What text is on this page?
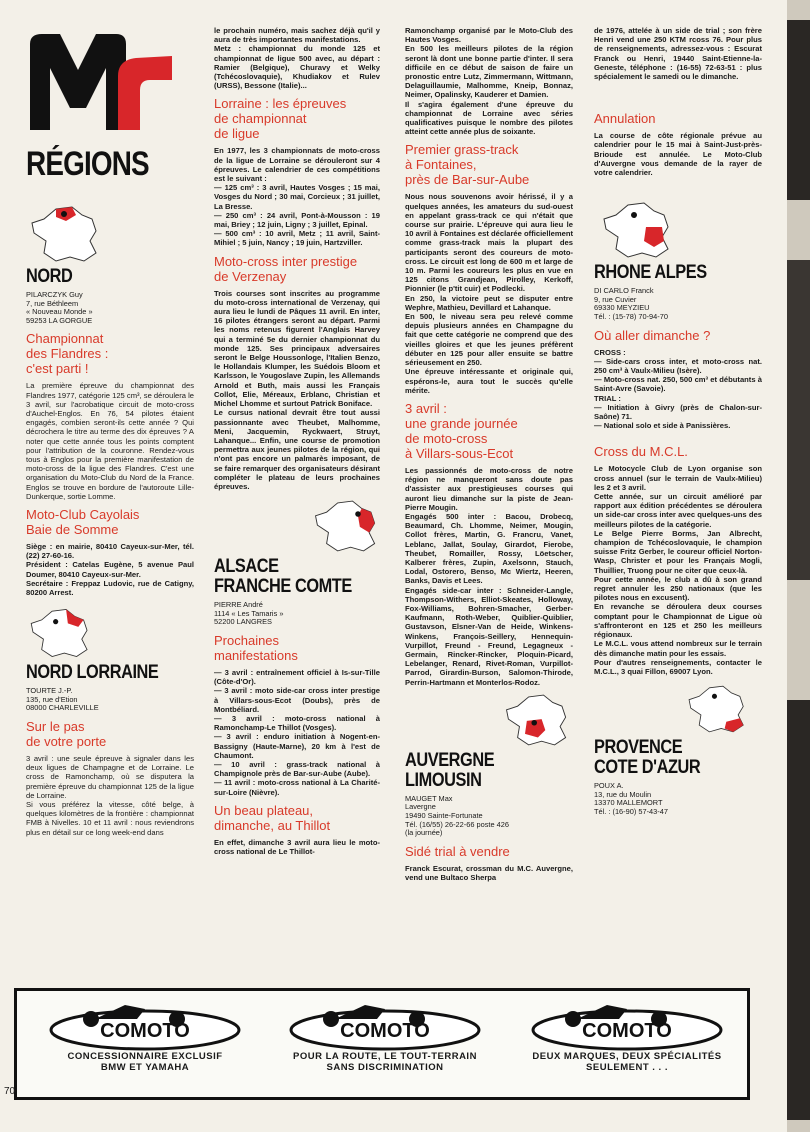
RÉGIONS
NORD
PILARCZYK Guy
7, rue Béthleem
« Nouveau Monde »
59253 LA GORGUE
Championnat
des Flandres :
c'est parti !

La première épreuve du championnat des Flandres 1977, catégorie 125 cm³, se déroulera le 3 avril, sur l'acrobatique circuit de moto-cross d'Auchel-Englos. En 76, 54 pilotes étaient engagés, combien seront-ils cette année ? Qui décrochera le titre au terme des dix épreuves ? A noter que cette année tous les points comptent pour l'attribution de la couronne. Rendez-vous tous à Englos pour la première manifestation de moto-cross de la ligue des Flandres. C'est une organisation du Moto-Club du Nord de la France. Englos se trouve en bordure de l'autoroute Lille-Dunkerque, sortie Lomme.

Moto-Club Cayolais
Baie de Somme

Siège : en mairie, 80410 Cayeux-sur-Mer, tél. (22) 27-60-16.
Président : Catelas Eugène, 5 avenue Paul Doumer, 80410 Cayeux-sur-Mer.
Secrétaire : Freppaz Ludovic, rue de Catigny, 80200 Arrest.

NORD LORRAINE
TOURTE J.-P.
135, rue d'Etion
08000 CHARLEVILLE
Sur le pas
de votre porte

3 avril : une seule épreuve à signaler dans les deux ligues de Champagne et de Lorraine. Le cross de Ramonchamp, où se disputera la première épreuve du championnat 125 de la ligue de Lorraine.
Si vous préférez la vitesse, côté belge, à quelques kilomètres de la frontière : championnat FMB à Nivelles. 10 et 11 avril : nous reviendrons plus en détail sur ce long week-end dans

le prochain numéro, mais sachez déjà qu'il y aura de très importantes manifestations.
Metz : championnat du monde 125 et championnat de ligue 500 avec, au départ : Ramier (Belgique), Churavy et Welky (Tchécoslovaquie), Khudiakov et Rulev (URSS), Bessone (Italie)...

Lorraine : les épreuves
de championnat
de ligue

En 1977, les 3 championnats de moto-cross de la ligue de Lorraine se dérouleront sur 4 épreuves. Le calendrier de ces compétitions est le suivant :
— 125 cm³ : 3 avril, Hautes Vosges ; 15 mai, Vosges du Nord ; 30 mai, Corcieux ; 31 juillet, La Bresse.
— 250 cm³ : 24 avril, Pont-à-Mousson : 19 mai, Briey ; 12 juin, Ligny ; 3 juillet, Epinal.
— 500 cm³ : 10 avril, Metz ; 11 avril, Saint-Mihiel ; 5 juin, Nancy ; 19 juin, Hartzviller.

Moto-cross inter prestige
de Verzenay

Trois courses sont inscrites au programme du moto-cross international de Verzenay, qui aura lieu le lundi de Pâques 11 avril. En inter, 16 pilotes étrangers seront au départ. Parmi les noms retenus figurent l'Anglais Harvey qui a terminé 5e du dernier championnat du monde 125. Ses principaux adversaires seront le Belge Houssonloge, l'Italien Benzo, le Hollandais Klumper, les Suédois Bloom et Karlsson, le Yougoslave Zupin, les Allemands Arnold et Buth, mais aussi les Français Collot, Elie, Méreaux, Erblanc, Christian et Michel Lhomme et surtout Patrick Boniface.
Le cursus national devrait être tout aussi passionnante avec Theubet, Malhomme, Meni, Jacquemin, Ryckwaert, Struyt, Lahanque... Enfin, une course de promotion permettra aux jeunes pilotes de la région, qui n'ont pas encore un palmarès imposant, de se faire remarquer des organisateurs désirant compléter le plateau de leurs prochaines épreuves.

ALSACE
FRANCHE COMTE
PIERRE André
1114 « Les Tamaris »
52200 LANGRES
Prochaines
manifestations

— 3 avril : entraînement officiel à Is-sur-Tille (Côte-d'Or).
— 3 avril : moto side-car cross inter prestige à Villars-sous-Ecot (Doubs), près de Montbéliard.
— 3 avril : moto-cross national à Ramonchamp-Le Thillot (Vosges).
— 3 avril : enduro initiation à Nogent-en-Bassigny (Haute-Marne), 20 km à l'est de Chaumont.
— 10 avril : grass-track national à Champignole près de Bar-sur-Aube (Aube).
— 11 avril : moto-cross national à La Charité-sur-Loire (Nièvre).

Un beau plateau,
dimanche, au Thillot

En effet, dimanche 3 avril aura lieu le moto-cross national de Le Thillot-

Ramonchamp organisé par le Moto-Club des Hautes Vosges.
En 500 les meilleurs pilotes de la région seront là dont une bonne partie d'inter. Il sera difficile en ce début de saison de faire un pronostic entre Lutz, Zimmermann, Wittmann, Delaguillaumie, Malhomme, Kneip, Bonnaz, Neimer, Opalinsky, Kauderer et Damien.
Il s'agira également d'une épreuve du championnat de Lorraine avec séries qualificatives puisque le nombre des pilotes atteint cette année plus de soixante.

Premier grass-track
à Fontaines,
près de Bar-sur-Aube

Nous nous souvenons avoir hérissé, il y a quelques années, les amateurs du sud-ouest en appelant grass-track ce qui n'était que course sur prairie. L'épreuve qui aura lieu le 10 avril à Fontaines est déclarée officiellement comme grass-track mais la plupart des participants seront des coureurs de moto-cross. Le circuit est long de 600 m et large de 10 m. Parmi les coureurs les plus en vue en 125 citons Grandjean, Pirolley, Kerkoff, Pionnier (le p'tit cuir) et Podlecki.
En 250, la victoire peut se disputer entre Wephre, Mathieu, Devillard et Lahanque.
En 500, le niveau sera peu relevé comme depuis plusieurs années en Champagne du fait que cette catégorie ne comprend que des vieilles gloires et que les jeunes préfèrent débuter en 125 pour aller ensuite se battre sérieusement en 250.
Une épreuve intéressante et originale qui, espérons-le, aura tout le succès qu'elle mérite.

3 avril :
une grande journée
de moto-cross
à Villars-sous-Ecot

Les passionnés de moto-cross de notre région ne manqueront sans doute pas d'assister aux prestigieuses courses qui auront lieu dimanche sur la piste de Jean-Pierre Mougin.
Engagés 500 inter : Bacou, Drobecq, Beaumard, Ch. Lhomme, Neimer, Mougin, Collot frères, Martin, G. Francru, Vanet, Leblanc, Jallat, Soulay, Girardot, Fierobe, Theubet, Romailler, Rossy, Löetscher, Kalberer frères, Zupin, Axelsonn, Stauch, Lodal, Ostorero, Benso, Mc Wiertz, Heeren, Banks, Davis et Lees.
Engagés side-car inter : Schneider-Langle, Thompson-Withers, Elliot-Skeates, Holloway, Fox-Williams, Bohren-Smacher, Gerber-Kaufmann, Roth-Weber, Quiblier-Quiblier, Gustavson, Elsner-Van de Heide, Winkens-Winkens, François-Seillery, Hennequin-Vurpillot, Freund - Freund, Legagneux - Germain, Rincker-Rincker, Ploquin-Picard, Lebelanger, Renard, Rivet-Roman, Vurpillot-Parrod, Girardin-Burson, Salomon-Thirode, Perrin-Hartmann et Monterlos-Rodoz.

AUVERGNE
LIMOUSIN
MAUGET Max
Lavergne
19490 Sainte-Fortunate
Tél. (16/55) 26-22-66 poste 426
(la journée)
Sidé trial à vendre

Franck Escurat, crossman du M.C. Auvergne, vend une Bultaco Sherpa

de 1976, attelée à un side de trial ; son frère Henri vend une 250 KTM rcoss 76. Pour plus de renseignements, adressez-vous : Escurat Franck ou Henri, 19440 Saint-Etienne-la-Geneste, téléphone : (16-55) 72-63-51 : plus spécialement le samedi ou le dimanche.

Annulation

La course de côte régionale prévue au calendrier pour le 15 mai à Saint-Just-près-Brioude est annulée. Le Moto-Club d'Auvergne vous demande de la rayer de votre calendrier.

RHONE ALPES
DI CARLO Franck
9, rue Cuvier
69330 MEYZIEU
Tél. : (15-78) 70-94-70
Où aller dimanche ?

CROSS :
— Side-cars cross inter, et moto-cross nat. 250 cm³ à Vaulx-Milieu (Isère).
— Moto-cross nat. 250, 500 cm³ et débutants à Saint-Avre (Savoie).
TRIAL :
— Initiation à Givry (près de Chalon-sur-Saône) 71.
— National solo et side à Panissières.

Cross du M.C.L.

Le Motocycle Club de Lyon organise son cross annuel (sur le terrain de Vaulx-Milieu) les 2 et 3 avril.
Cette année, sur un circuit amélioré par rapport aux édition précédentes se déroulera un side-car cross inter avec quelques-uns des meilleurs pilotes de la catégorie.
Le Belge Pierre Borms, Jan Albrecht, champion de Tchécoslovaquie, le champion suisse Fritz Gerber, le coureur officiel Norton-Wasp, Christer et pour les Français Mogli, Thuillier, Truong pour ne citer que ceux-là.
Pour cette année, le club a dû à son grand regret annuler les 250 nationaux (que les pilotes nous en excusent).
En revanche se déroulera deux courses comptant pour le Championnat de Ligue où s'affronteront en 125 et 250 les meilleurs régionaux.
Le M.C.L. vous attend nombreux sur le terrain dès dimanche matin pour les essais.
Pour d'autres renseignements, contacter le M.C.L., 3 quai Fillon, 69007 Lyon.

PROVENCE
COTE D'AZUR
POUX A.
13, rue du Moulin
13370 MALLEMORT
Tél. : (16-90) 57-43-47
COMOTO
CONCESSIONNAIRE EXCLUSIF
BMW ET YAMAHA
COMOTO
POUR LA ROUTE, LE TOUT-TERRAIN
SANS DISCRIMINATION
COMOTO
DEUX MARQUES, DEUX SPÉCIALITÉS
SEULEMENT . . .
70
